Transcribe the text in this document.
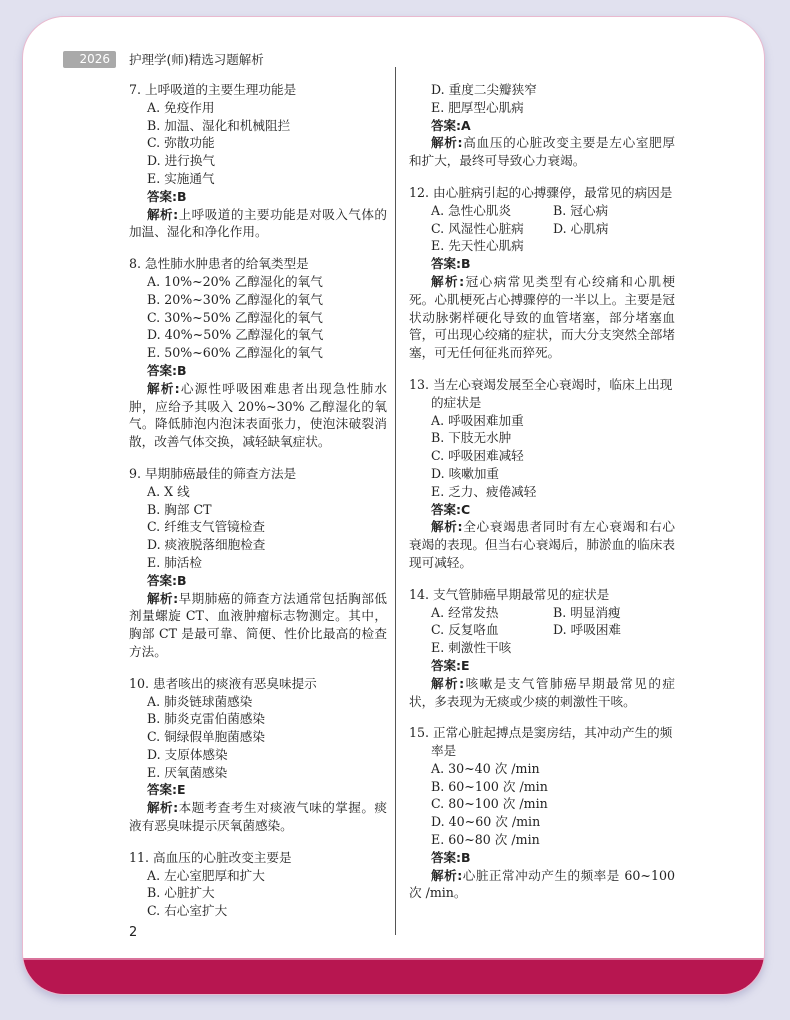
2026	护理学(师)精选习题解析
7. 上呼吸道的主要生理功能是
A. 免疫作用
B. 加温、湿化和机械阻拦
C. 弥散功能
D. 进行换气
E. 实施通气
答案:B
解析:上呼吸道的主要功能是对吸入气体的加温、湿化和净化作用。
8. 急性肺水肿患者的给氧类型是
A. 10%~20% 乙醇湿化的氧气
B. 20%~30% 乙醇湿化的氧气
C. 30%~50% 乙醇湿化的氧气
D. 40%~50% 乙醇湿化的氧气
E. 50%~60% 乙醇湿化的氧气
答案:B
解析:心源性呼吸困难患者出现急性肺水肿，应给予其吸入 20%~30% 乙醇湿化的氧气。降低肺泡内泡沫表面张力，使泡沫破裂消散，改善气体交换，减轻缺氧症状。
9. 早期肺癌最佳的筛查方法是
A. X 线
B. 胸部 CT
C. 纤维支气管镜检查
D. 痰液脱落细胞检查
E. 肺活检
答案:B
解析:早期肺癌的筛查方法通常包括胸部低剂量螺旋 CT、血液肿瘤标志物测定。其中，胸部 CT 是最可靠、简便、性价比最高的检查方法。
10. 患者咳出的痰液有恶臭味提示
A. 肺炎链球菌感染
B. 肺炎克雷伯菌感染
C. 铜绿假单胞菌感染
D. 支原体感染
E. 厌氧菌感染
答案:E
解析:本题考查考生对痰液气味的掌握。痰液有恶臭味提示厌氧菌感染。
11. 高血压的心脏改变主要是
A. 左心室肥厚和扩大
B. 心脏扩大
C. 右心室扩大
D. 重度二尖瓣狭窄
E. 肥厚型心肌病
答案:A
解析:高血压的心脏改变主要是左心室肥厚和扩大，最终可导致心力衰竭。
12. 由心脏病引起的心搏骤停，最常见的病因是
A. 急性心肌炎	B. 冠心病
C. 风湿性心脏病	D. 心肌病
E. 先天性心肌病
答案:B
解析:冠心病常见类型有心绞痛和心肌梗死。心肌梗死占心搏骤停的一半以上。主要是冠状动脉粥样硬化导致的血管堵塞，部分堵塞血管，可出现心绞痛的症状，而大分支突然全部堵塞，可无任何征兆而猝死。
13. 当左心衰竭发展至全心衰竭时，临床上出现的症状是
A. 呼吸困难加重
B. 下肢无水肿
C. 呼吸困难减轻
D. 咳嗽加重
E. 乏力、疲倦减轻
答案:C
解析:全心衰竭患者同时有左心衰竭和右心衰竭的表现。但当右心衰竭后，肺淤血的临床表现可减轻。
14. 支气管肺癌早期最常见的症状是
A. 经常发热	B. 明显消瘦
C. 反复咯血	D. 呼吸困难
E. 刺激性干咳
答案:E
解析:咳嗽是支气管肺癌早期最常见的症状，多表现为无痰或少痰的刺激性干咳。
15. 正常心脏起搏点是窦房结，其冲动产生的频率是
A. 30~40 次 /min
B. 60~100 次 /min
C. 80~100 次 /min
D. 40~60 次 /min
E. 60~80 次 /min
答案:B
解析:心脏正常冲动产生的频率是 60~100 次 /min。
2
